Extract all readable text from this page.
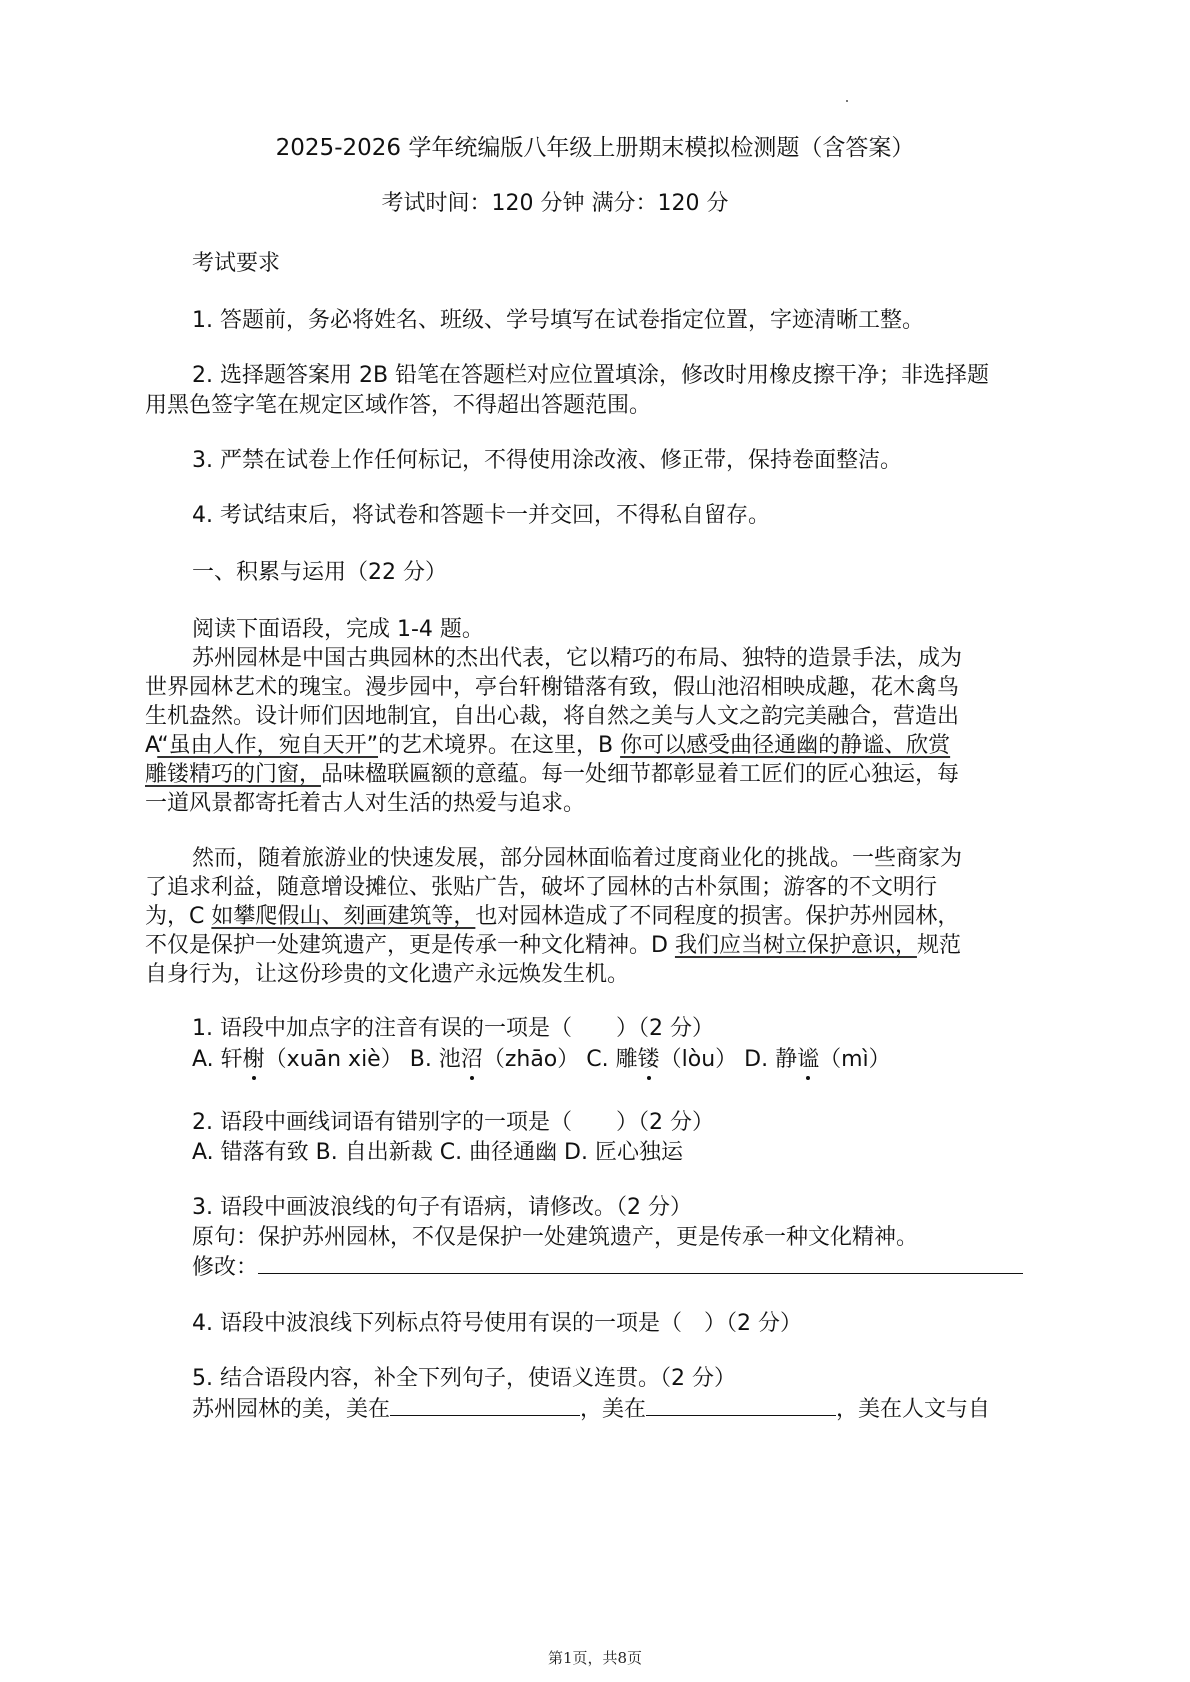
2025-2026 学年统编版八年级上册期末模拟检测题（含答案）
考试时间：120 分钟 满分：120 分
考试要求
1. 答题前，务必将姓名、班级、学号填写在试卷指定位置，字迹清晰工整。
2. 选择题答案用 2B 铅笔在答题栏对应位置填涂，修改时用橡皮擦干净；非选择题
用黑色签字笔在规定区域作答，不得超出答题范围。
3. 严禁在试卷上作任何标记，不得使用涂改液、修正带，保持卷面整洁。
4. 考试结束后，将试卷和答题卡一并交回，不得私自留存。
一、积累与运用（22 分）
阅读下面语段，完成 1-4 题。
苏州园林是中国古典园林的杰出代表，它以精巧的布局、独特的造景手法，成为
世界园林艺术的瑰宝。漫步园中，亭台轩榭错落有致，假山池沼相映成趣，花木禽鸟
生机盎然。设计师们因地制宜，自出心裁，将自然之美与人文之韵完美融合，营造出
A“虽由人作，宛自天开”的艺术境界。在这里，B 你可以感受曲径通幽的静谧、欣赏
雕镂精巧的门窗，品味楹联匾额的意蕴。每一处细节都彰显着工匠们的匠心独运，每
一道风景都寄托着古人对生活的热爱与追求。
然而，随着旅游业的快速发展，部分园林面临着过度商业化的挑战。一些商家为
了追求利益，随意增设摊位、张贴广告，破坏了园林的古朴氛围；游客的不文明行
为，C 如攀爬假山、刻画建筑等，也对园林造成了不同程度的损害。保护苏州园林，
不仅是保护一处建筑遗产，更是传承一种文化精神。D 我们应当树立保护意识，规范
自身行为，让这份珍贵的文化遗产永远焕发生机。
1. 语段中加点字的注音有误的一项是（　　）（2 分）
A. 轩榭（xuān xiè） B. 池沼（zhāo） C. 雕镂（lòu） D. 静谧（mì）
2. 语段中画线词语有错别字的一项是（　　）（2 分）
A. 错落有致 B. 自出新裁 C. 曲径通幽 D. 匠心独运
3. 语段中画波浪线的句子有语病，请修改。（2 分）
原句：保护苏州园林，不仅是保护一处建筑遗产，更是传承一种文化精神。
修改：
4. 语段中波浪线下列标点符号使用有误的一项是（　）（2 分）
5. 结合语段内容，补全下列句子，使语义连贯。（2 分）
苏州园林的美，美在	，美在	，美在人文与自
第1页，共8页
